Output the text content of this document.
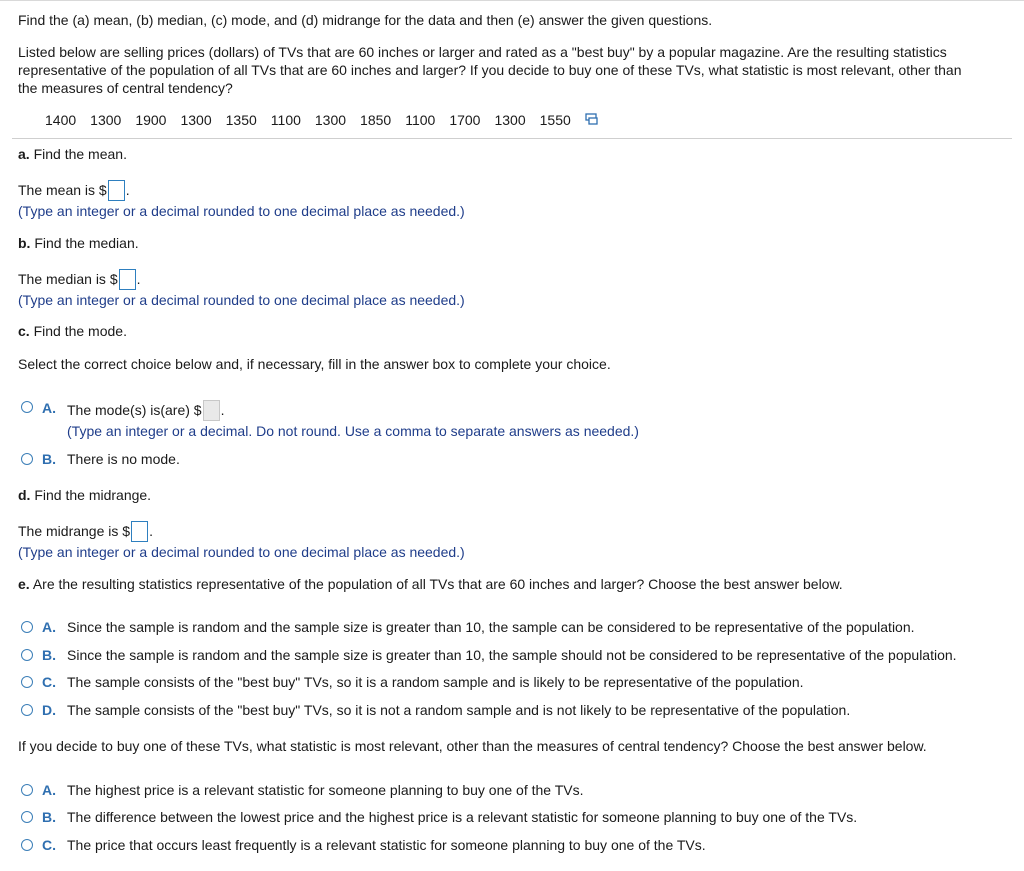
Find the (a) mean, (b) median, (c) mode, and (d) midrange for the data and then (e) answer the given questions.
Listed below are selling prices (dollars) of TVs that are 60 inches or larger and rated as a "best buy" by a popular magazine. Are the resulting statistics
representative of the population of all TVs that are 60 inches and larger? If you decide to buy one of these TVs, what statistic is most relevant, other than
the measures of central tendency?
1400 1300 1900 1300 1350 1100 1300 1850 1100 1700 1300 1550
a. Find the mean.
The mean is $ .
(Type an integer or a decimal rounded to one decimal place as needed.)
b. Find the median.
The median is $ .
(Type an integer or a decimal rounded to one decimal place as needed.)
c. Find the mode.
Select the correct choice below and, if necessary, fill in the answer box to complete your choice.
A. The mode(s) is(are) $ .
(Type an integer or a decimal. Do not round. Use a comma to separate answers as needed.)
B. There is no mode.
d. Find the midrange.
The midrange is $ .
(Type an integer or a decimal rounded to one decimal place as needed.)
e. Are the resulting statistics representative of the population of all TVs that are 60 inches and larger? Choose the best answer below.
A. Since the sample is random and the sample size is greater than 10, the sample can be considered to be representative of the population.
B. Since the sample is random and the sample size is greater than 10, the sample should not be considered to be representative of the population.
C. The sample consists of the "best buy" TVs, so it is a random sample and is likely to be representative of the population.
D. The sample consists of the "best buy" TVs, so it is not a random sample and is not likely to be representative of the population.
If you decide to buy one of these TVs, what statistic is most relevant, other than the measures of central tendency? Choose the best answer below.
A. The highest price is a relevant statistic for someone planning to buy one of the TVs.
B. The difference between the lowest price and the highest price is a relevant statistic for someone planning to buy one of the TVs.
C. The price that occurs least frequently is a relevant statistic for someone planning to buy one of the TVs.
